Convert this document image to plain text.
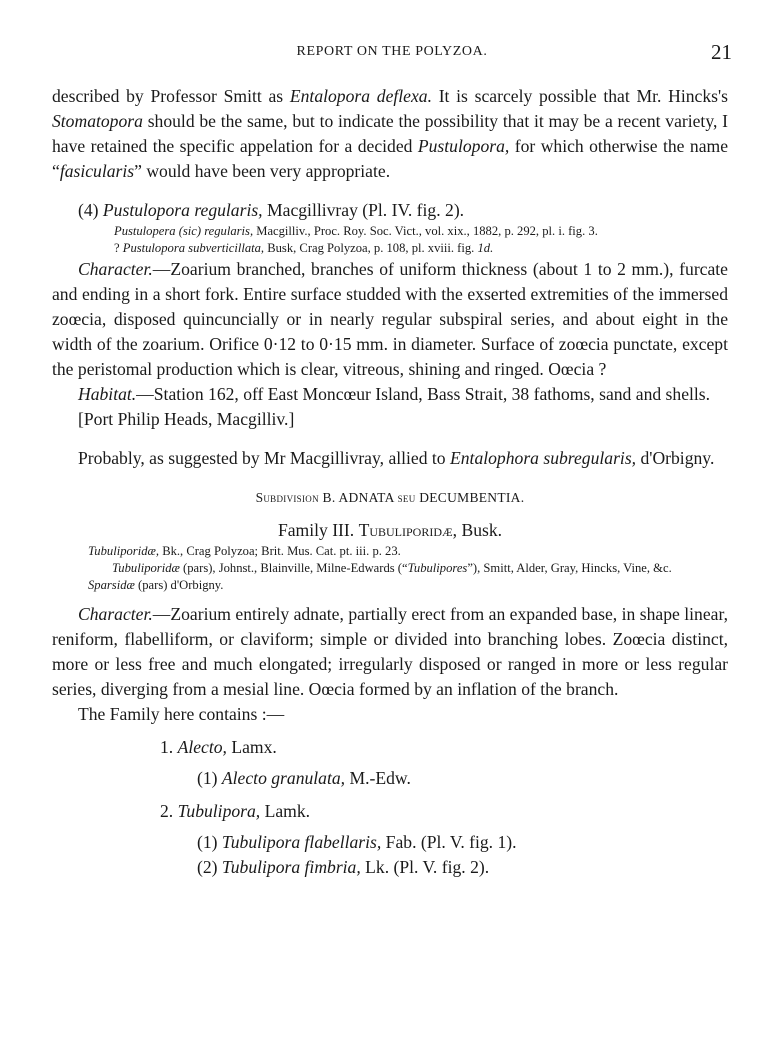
REPORT ON THE POLYZOA.	21

described by Professor Smitt as Entalopora deflexa. It is scarcely possible that Mr. Hincks's Stomatopora should be the same, but to indicate the possibility that it may be a recent variety, I have retained the specific appelation for a decided Pustulopora, for which otherwise the name “fasicularis” would have been very appropriate.

(4) Pustulopora regularis, Macgillivray (Pl. IV. fig. 2).

Pustulopera (sic) regularis, Macgilliv., Proc. Roy. Soc. Vict., vol. xix., 1882, p. 292, pl. i. fig. 3.
? Pustulopora subverticillata, Busk, Crag Polyzoa, p. 108, pl. xviii. fig. 1d.

Character.—Zoarium branched, branches of uniform thickness (about 1 to 2 mm.), furcate and ending in a short fork. Entire surface studded with the exserted extremities of the immersed zoœcia, disposed quincuncially or in nearly regular subspiral series, and about eight in the width of the zoarium. Orifice 0·12 to 0·15 mm. in diameter. Surface of zoœcia punctate, except the peristomal production which is clear, vitreous, shining and ringed. Oœcia ?

Habitat.—Station 162, off East Moncœur Island, Bass Strait, 38 fathoms, sand and shells.

[Port Philip Heads, Macgilliv.]

Probably, as suggested by Mr Macgillivray, allied to Entalophora subregularis, d'Orbigny.

Subdivision B. ADNATA seu DECUMBENTIA.

Family III. Tubuliporidæ, Busk.

Tubuliporidæ, Bk., Crag Polyzoa; Brit. Mus. Cat. pt. iii. p. 23.
Tubuliporidæ (pars), Johnst., Blainville, Milne-Edwards (“Tubulipores”), Smitt, Alder, Gray, Hincks, Vine, &c.
Sparsidæ (pars) d'Orbigny.

Character.—Zoarium entirely adnate, partially erect from an expanded base, in shape linear, reniform, flabelliform, or claviform; simple or divided into branching lobes. Zoœcia distinct, more or less free and much elongated; irregularly disposed or ranged in more or less regular series, diverging from a mesial line. Oœcia formed by an inflation of the branch.

The Family here contains :—

1. Alecto, Lamx.

(1) Alecto granulata, M.-Edw.

2. Tubulipora, Lamk.

(1) Tubulipora flabellaris, Fab. (Pl. V. fig. 1).

(2) Tubulipora fimbria, Lk. (Pl. V. fig. 2).
